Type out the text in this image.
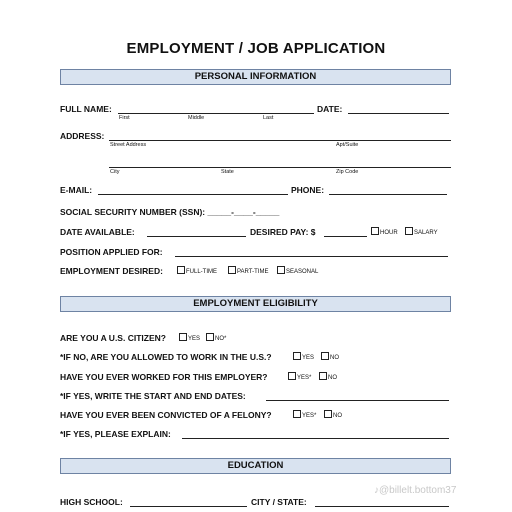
EMPLOYMENT / JOB APPLICATION
PERSONAL INFORMATION
FULL NAME:
First	Middle	Last
DATE:
ADDRESS:
Street Address	Apt/Suite
City	State	Zip Code
E-MAIL:	PHONE:
SOCIAL SECURITY NUMBER (SSN): _____-____-_____
DATE AVAILABLE:	DESIRED PAY: $	HOUR	SALARY
POSITION APPLIED FOR:
EMPLOYMENT DESIRED:	FULL-TIME	PART-TIME	SEASONAL
EMPLOYMENT ELIGIBILITY
ARE YOU A U.S. CITIZEN?	YES	NO*
*IF NO, ARE YOU ALLOWED TO WORK IN THE U.S.?	YES	NO
HAVE YOU EVER WORKED FOR THIS EMPLOYER?	YES*	NO
*IF YES, WRITE THE START AND END DATES:
HAVE YOU EVER BEEN CONVICTED OF A FELONY?	YES*	NO
*IF YES, PLEASE EXPLAIN:
EDUCATION
HIGH SCHOOL:	CITY / STATE:
♪@billelt.bottom37
